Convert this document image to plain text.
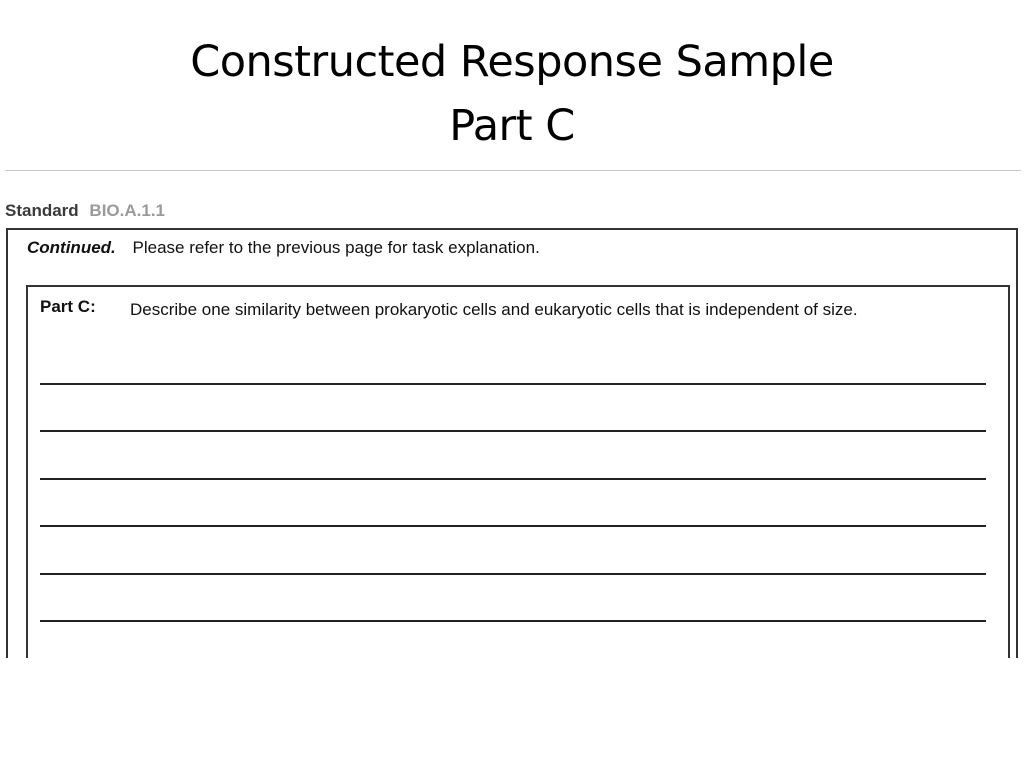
Constructed Response Sample
Part C
Standard BIO.A.1.1
Continued. Please refer to the previous page for task explanation.
Part C: Describe one similarity between prokaryotic cells and eukaryotic cells that is independent of size.
